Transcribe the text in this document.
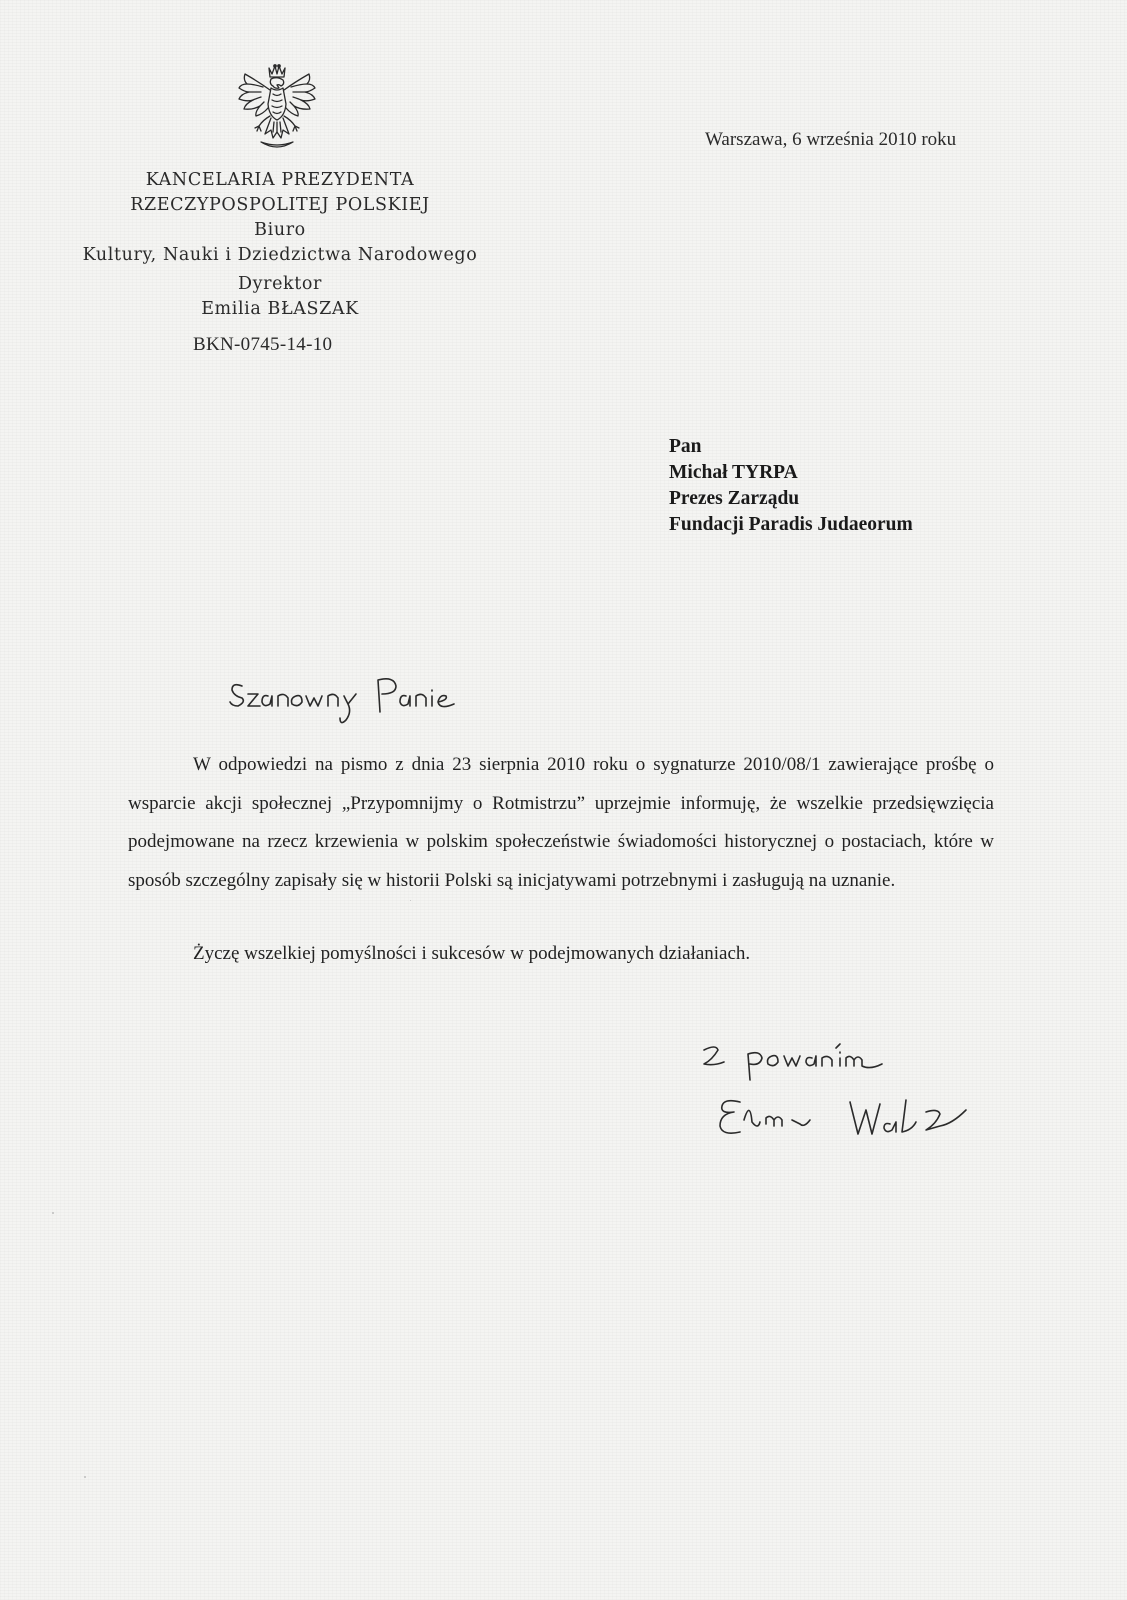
KANCELARIA PREZYDENTA
RZECZYPOSPOLITEJ POLSKIEJ
Biuro
Kultury, Nauki i Dziedzictwa Narodowego
Dyrektor
Emilia BŁASZAK
BKN-0745-14-10
Warszawa, 6 września 2010 roku
Pan
Michał TYRPA
Prezes Zarządu
Fundacji Paradis Judaeorum

W odpowiedzi na pismo z dnia 23 sierpnia 2010 roku o sygnaturze 2010/08/1 zawierające prośbę o wsparcie akcji społecznej „Przypomnijmy o Rotmistrzu” uprzejmie informuję, że wszelkie przedsięwzięcia podejmowane na rzecz krzewienia w polskim społeczeństwie świadomości historycznej o postaciach, które w sposób szczególny zapisały się w historii Polski są inicjatywami potrzebnymi i zasługują na uznanie.

Życzę wszelkiej pomyślności i sukcesów w podejmowanych działaniach.
